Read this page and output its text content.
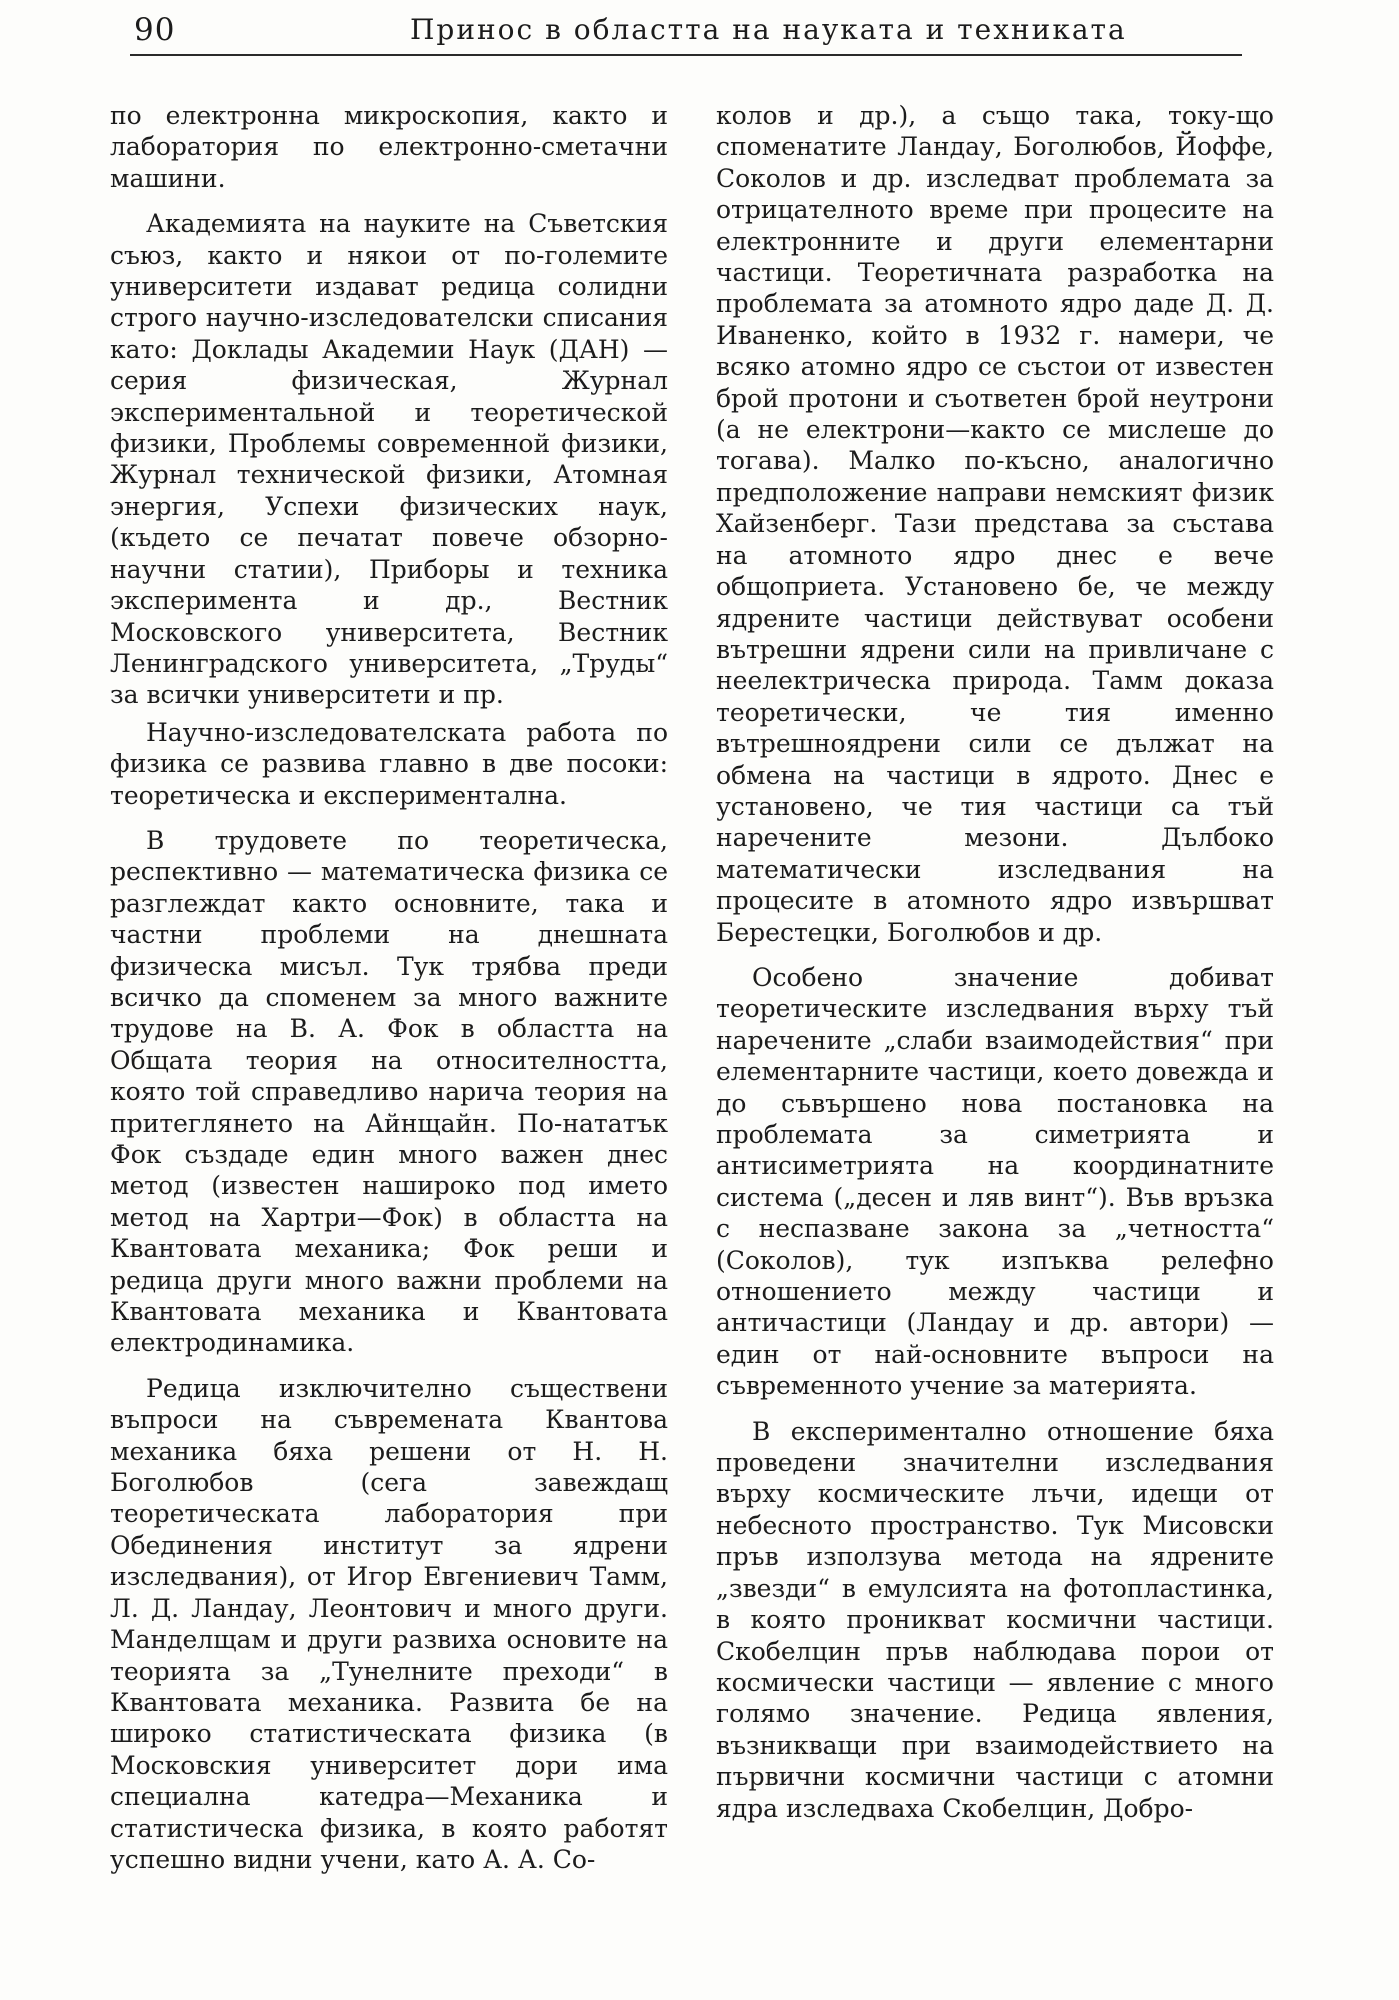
90	Принос в областта на науката и техниката

по електронна микроскопия, както и лаборатория по електронно-сметачни машини.

Академията на науките на Съветския съюз, както и някои от по-големите университети издават редица солидни строго научно-изследователски списания като: Доклады Академии Наук (ДАН) — серия физическая, Журнал экспериментальной и теоретической физики, Проблемы современной физики, Журнал технической физики, Атомная энергия, Успехи физических наук, (където се печатат повече обзорно-научни статии), Приборы и техника эксперимента и др., Вестник Московского университета, Вестник Ленинградского университета, „Труды“ за всички университети и пр.

Научно-изследователската работа по физика се развива главно в две посоки: теоретическа и експериментална.

В трудовете по теоретическа, респективно — математическа физика се разглеждат както основните, така и частни проблеми на днешната физическа мисъл. Тук трябва преди всичко да споменем за много важните трудове на В. А. Фок в областта на Общата теория на относителността, която той справедливо нарича теория на притеглянето на Айнщайн. По-нататък Фок създаде един много важен днес метод (известен нашироко под името метод на Хартри—Фок) в областта на Квантовата механика; Фок реши и редица други много важни проблеми на Квантовата механика и Квантовата електродинамика.

Редица изключително съществени въпроси на съвремената Квантова механика бяха решени от Н. Н. Боголюбов (сега завеждащ теоретическата лаборатория при Обединения институт за ядрени изследвания), от Игор Евгениевич Тамм, Л. Д. Ландау, Леонтович и много други. Манделщам и други развиха основите на теорията за „Тунелните преходи“ в Квантовата механика. Развита бе на широко статистическата физика (в Московския университет дори има специална катедра—Механика и статистическа физика, в която работят успешно видни учени, като А. А. Со-

колов и др.), а също така, току-що споменатите Ландау, Боголюбов, Йоффе, Соколов и др. изследват проблемата за отрицателното време при процесите на електронните и други елементарни частици. Теоретичната разработка на проблемата за атомното ядро даде Д. Д. Иваненко, който в 1932 г. намери, че всяко атомно ядро се състои от известен брой протони и съответен брой неутрони (а не електрони—както се мислеше до тогава). Малко по-късно, аналогично предположение направи немският физик Хайзенберг. Тази представа за състава на атомното ядро днес е вече общоприета. Установено бе, че между ядрените частици действуват особени вътрешни ядрени сили на привличане с неелектрическа природа. Тамм доказа теоретически, че тия именно вътрешноядрени сили се дължат на обмена на частици в ядрото. Днес е установено, че тия частици са тъй наречените мезони. Дълбоко математически изследвания на процесите в атомното ядро извършват Берестецки, Боголюбов и др.

Особено значение добиват теоретическите изследвания върху тъй наречените „слаби взаимодействия“ при елементарните частици, което довежда и до съвършено нова постановка на проблемата за симетрията и антисиметрията на координатните система („десен и ляв винт“). Във връзка с неспазване закона за „четността“ (Соколов), тук изпъква релефно отношението между частици и античастици (Ландау и др. автори) — един от най-основните въпроси на съвременното учение за материята.

В експериментално отношение бяха проведени значителни изследвания върху космическите лъчи, идещи от небесното пространство. Тук Мисовски пръв използува метода на ядрените „звезди“ в емулсията на фотопластинка, в която проникват космични частици. Скобелцин пръв наблюдава порои от космически частици — явление с много голямо значение. Редица явления, възникващи при взаимодействието на първични космични частици с атомни ядра изследваха Скобелцин, Добро-
